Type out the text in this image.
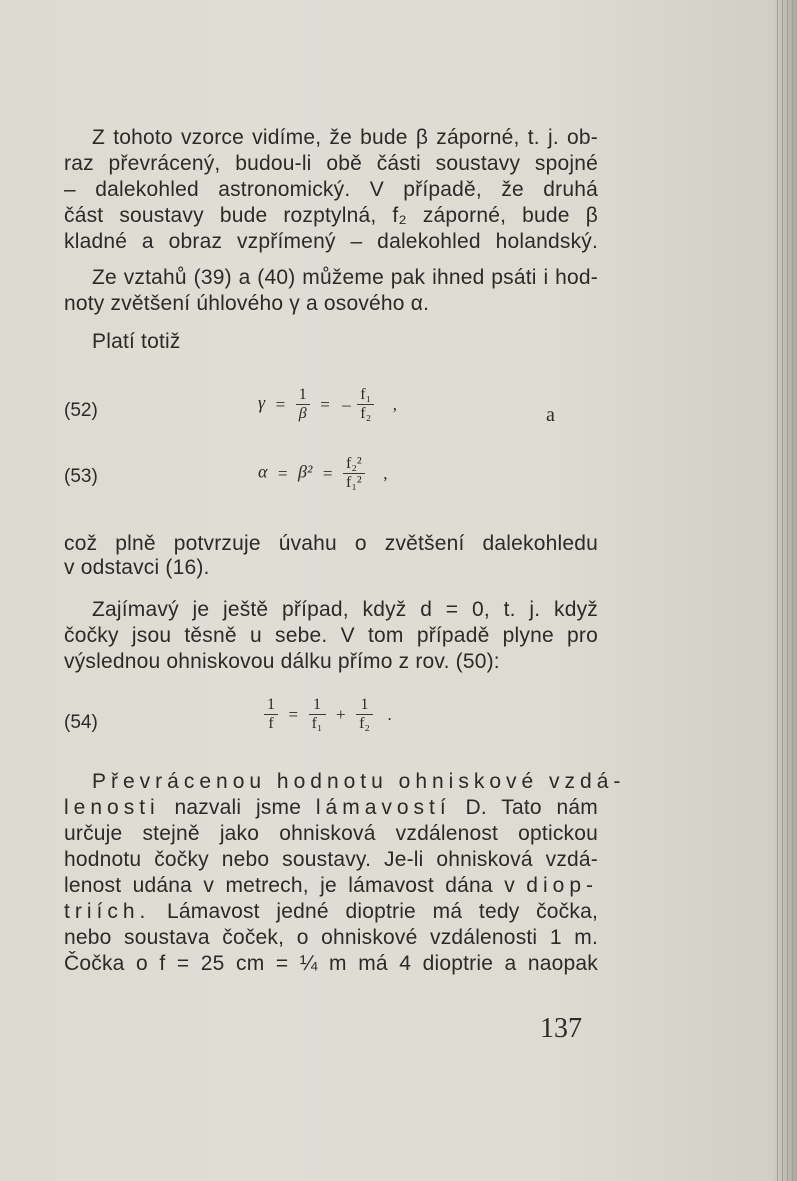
Z tohoto vzorce vidíme, že bude β záporné, t. j. ob-
raz převrácený, budou-li obě části soustavy spojné
– dalekohled astronomický. V případě, že druhá
část soustavy bude rozptylná, f₂ záporné, bude β
kladné a obraz vzpřímený – dalekohled holandský.
Ze vztahů (39) a (40) můžeme pak ihned psáti i hod-
noty zvětšení úhlového γ a osového α.
Platí totiž
(52)	$\gamma = \frac{1}{\beta}$ = – $\frac{\text{f₁}}{\text{f₂}}$ ,	a
(53)	$\alpha = \beta^2 = \frac{\text{f₂²}}{\text{f₁²}}$ ,
což plně potvrzuje úvahu o zvětšení dalekohledu
v odstavci (16).
Zajímavý je ještě případ, když d = 0, t. j. když
čočky jsou těsně u sebe. V tom případě plyne pro
výslednou ohniskovou dálku přímo z rov. (50):
(54)	$\frac{1}{f} = \frac{1}{\text{f₁}} + \frac{1}{\text{f₂}}$ .
Převrácenou hodnotu ohniskové vzdá-
lenosti nazvali jsme lámavostí D. Tato nám
určuje stejně jako ohnisková vzdálenost optickou
hodnotu čočky nebo soustavy. Je-li ohnisková vzdá-
lenost udána v metrech, je lámavost dána v diop-
triích. Lámavost jedné dioptrie má tedy čočka,
nebo soustava čoček, o ohniskové vzdálenosti 1 m.
Čočka o f = 25 cm = ¼ m má 4 dioptrie a naopak
137
